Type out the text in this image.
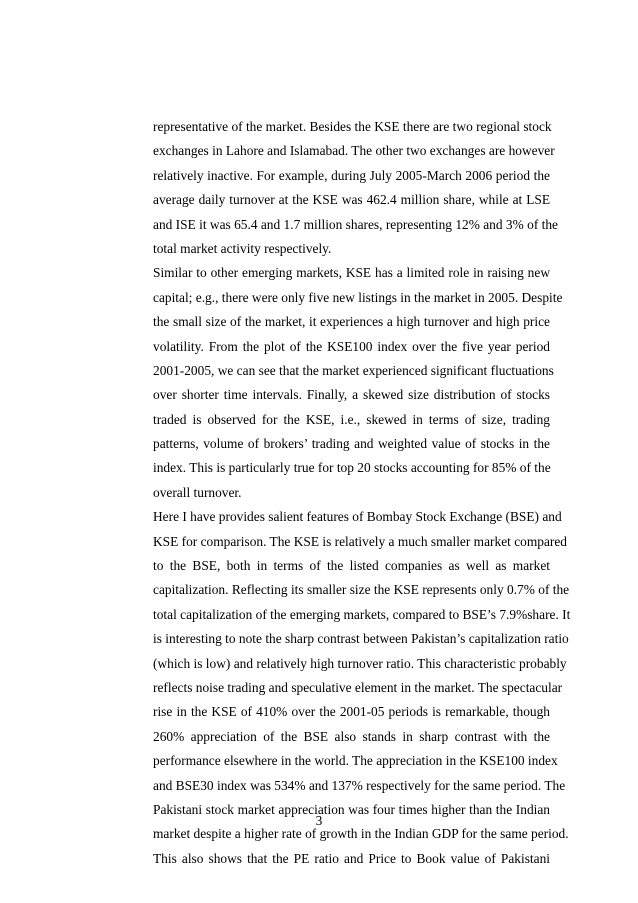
representative of the market. Besides the KSE there are two regional stock
exchanges in Lahore and Islamabad. The other two exchanges are however
relatively inactive. For example, during July 2005-March 2006 period the
average daily turnover at the KSE was 462.4 million share, while at LSE
and ISE it was 65.4 and 1.7 million shares, representing 12% and 3% of the
total market activity respectively.
Similar to other emerging markets, KSE has a limited role in raising new
capital; e.g., there were only five new listings in the market in 2005. Despite
the small size of the market, it experiences a high turnover and high price
volatility. From the plot of the KSE100 index over the five year period
2001-2005, we can see that the market experienced significant fluctuations
over shorter time intervals. Finally, a skewed size distribution of stocks
traded is observed for the KSE, i.e., skewed in terms of size, trading
patterns, volume of brokers’ trading and weighted value of stocks in the
index. This is particularly true for top 20 stocks accounting for 85% of the
overall turnover.
Here I have provides salient features of Bombay Stock Exchange (BSE) and
KSE for comparison. The KSE is relatively a much smaller market compared
to the BSE, both in terms of the listed companies as well as market
capitalization. Reflecting its smaller size the KSE represents only 0.7% of the
total capitalization of the emerging markets, compared to BSE’s 7.9%share. It
is interesting to note the sharp contrast between Pakistan’s capitalization ratio
(which is low) and relatively high turnover ratio. This characteristic probably
reflects noise trading and speculative element in the market. The spectacular
rise in the KSE of 410% over the 2001-05 periods is remarkable, though
260% appreciation of the BSE also stands in sharp contrast with the
performance elsewhere in the world. The appreciation in the KSE100 index
and BSE30 index was 534% and 137% respectively for the same period. The
Pakistani stock market appreciation was four times higher than the Indian
market despite a higher rate of growth in the Indian GDP for the same period.
This also shows that the PE ratio and Price to Book value of Pakistani
3
